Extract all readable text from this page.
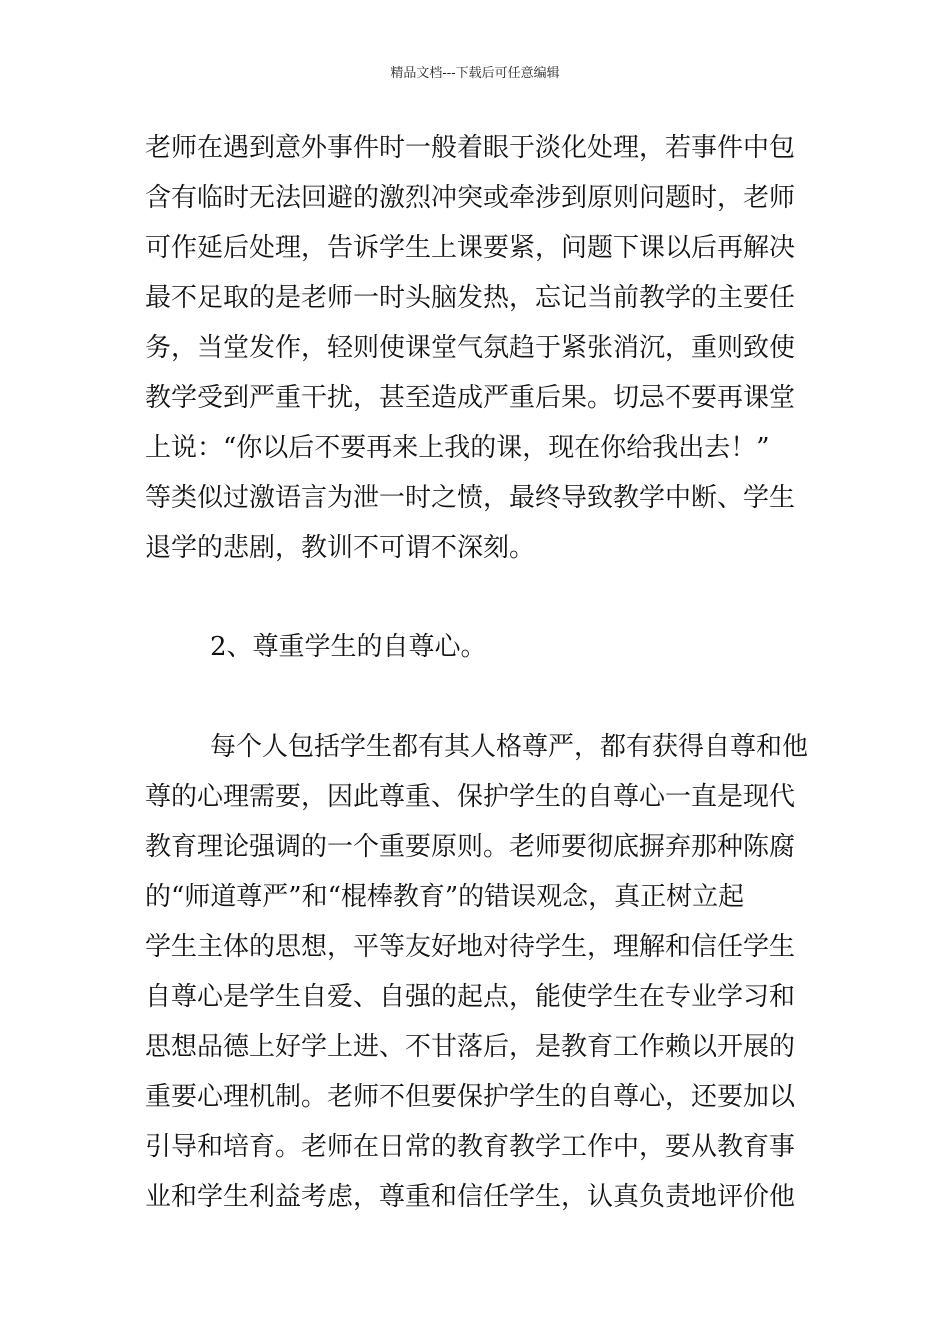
精品文档---下载后可任意编辑
老师在遇到意外事件时一般着眼于淡化处理，若事件中包
含有临时无法回避的激烈冲突或牵涉到原则问题时，老师
可作延后处理，告诉学生上课要紧，问题下课以后再解决
最不足取的是老师一时头脑发热，忘记当前教学的主要任
务，当堂发作，轻则使课堂气氛趋于紧张消沉，重则致使
教学受到严重干扰，甚至造成严重后果。切忌不要再课堂
上说：“你以后不要再来上我的课，现在你给我出去！”
等类似过激语言为泄一时之愤，最终导致教学中断、学生
退学的悲剧，教训不可谓不深刻。
2、尊重学生的自尊心。
每个人包括学生都有其人格尊严，都有获得自尊和他
尊的心理需要，因此尊重、保护学生的自尊心一直是现代
教育理论强调的一个重要原则。老师要彻底摒弃那种陈腐
的“师道尊严”和“棍棒教育”的错误观念，真正树立起
学生主体的思想，平等友好地对待学生，理解和信任学生
自尊心是学生自爱、自强的起点，能使学生在专业学习和
思想品德上好学上进、不甘落后，是教育工作赖以开展的
重要心理机制。老师不但要保护学生的自尊心，还要加以
引导和培育。老师在日常的教育教学工作中，要从教育事
业和学生利益考虑，尊重和信任学生，认真负责地评价他
